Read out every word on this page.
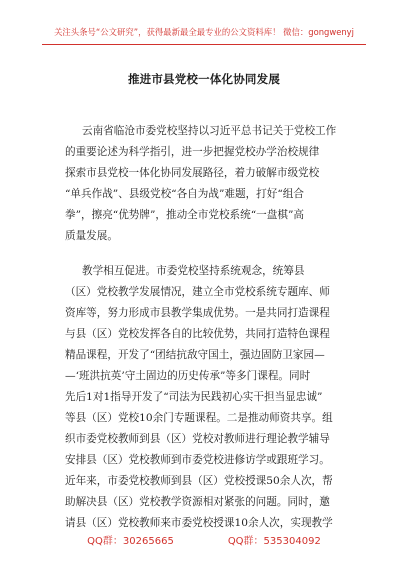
关注头条号“公文研究”，获得最新最全最专业的公文资料库！ 微信：gongwenyj
推进市县党校一体化协同发展
云南省临沧市委党校坚持以习近平总书记关于党校工作
的重要论述为科学指引，进一步把握党校办学治校规律
探索市县党校一体化协同发展路径，着力破解市级党校
“单兵作战”、县级党校“各自为战”难题，打好“组合
拳”，擦亮“优势牌”，推动全市党校系统“一盘棋”高
质量发展。
教学相互促进。市委党校坚持系统观念，统筹县
（区）党校教学发展情况，建立全市党校系统专题库、师
资库等，努力形成市县教学集成优势。一是共同打造课程
与县（区）党校发挥各自的比较优势，共同打造特色课程
精品课程，开发了“团结抗敌守国土，强边固防卫家园—
—‘班洪抗英’守土固边的历史传承”等多门课程。同时
先后1对1指导开发了“司法为民践初心实干担当显忠诚”
等县（区）党校10余门专题课程。二是推动师资共享。组
织市委党校教师到县（区）党校对教师进行理论教学辅导
安排县（区）党校教师到市委党校进修访学或跟班学习。
近年来，市委党校教师到县（区）党校授课50余人次，帮
助解决县（区）党校教学资源相对紧张的问题。同时，邀
请县（区）党校教师来市委党校授课10余人次，实现教学
QQ群：30265665	QQ群：535304092
